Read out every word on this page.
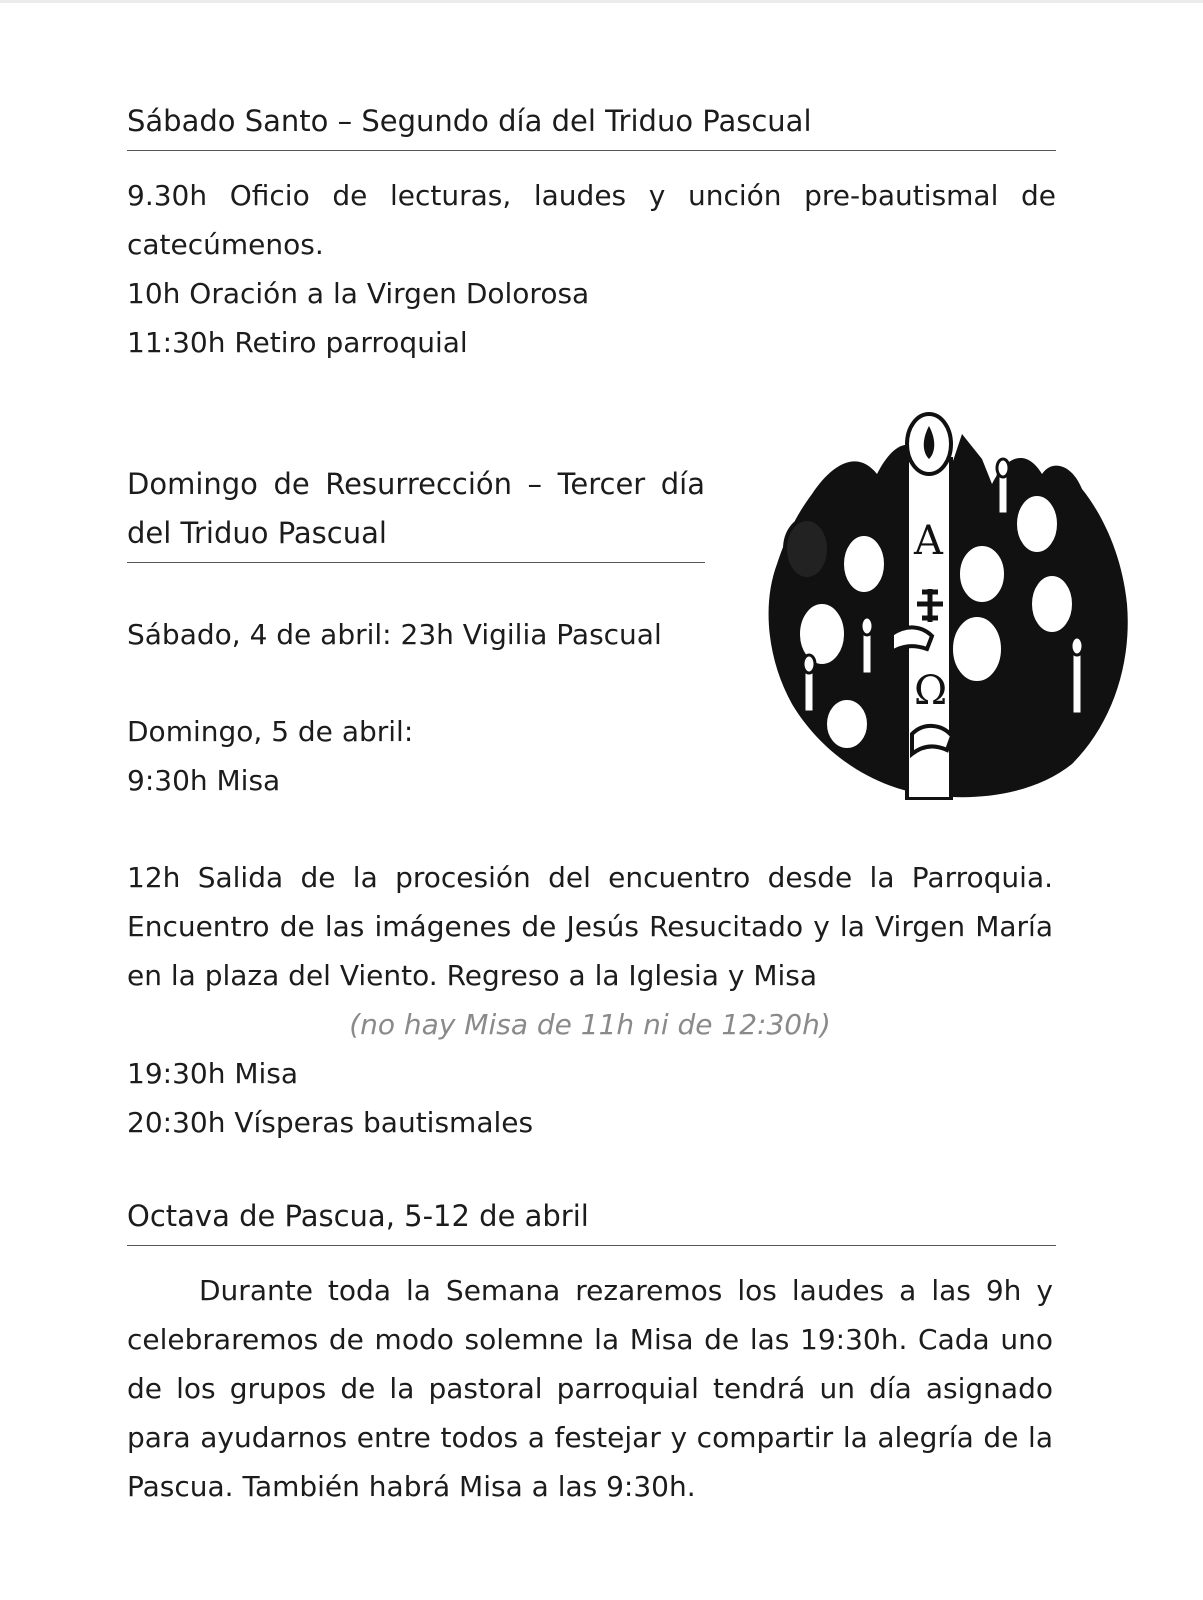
Sábado Santo – Segundo día del Triduo Pascual

9.30h Oficio de lecturas, laudes y unción pre-bautismal de catecúmenos.

10h Oración a la Virgen Dolorosa
11:30h Retiro parroquial
Domingo de Resurrección – Tercer día
del Triduo Pascual
Sábado, 4 de abril: 23h Vigilia Pascual
Domingo, 5 de abril:
9:30h Misa

12h Salida de la procesión del encuentro desde la Parroquia. Encuentro de las imágenes de Jesús Resucitado y la Virgen María en la plaza del Viento. Regreso a la Iglesia y Misa

(no hay Misa de 11h ni de 12:30h)
19:30h Misa
20:30h Vísperas bautismales
Α
Ω
Octava de Pascua, 5-12 de abril

Durante toda la Semana rezaremos los laudes a las 9h y celebraremos de modo solemne la Misa de las 19:30h. Cada uno de los grupos de la pastoral parroquial tendrá un día asignado para ayudarnos entre todos a festejar y compartir la alegría de la Pascua. También habrá Misa a las 9:30h.
